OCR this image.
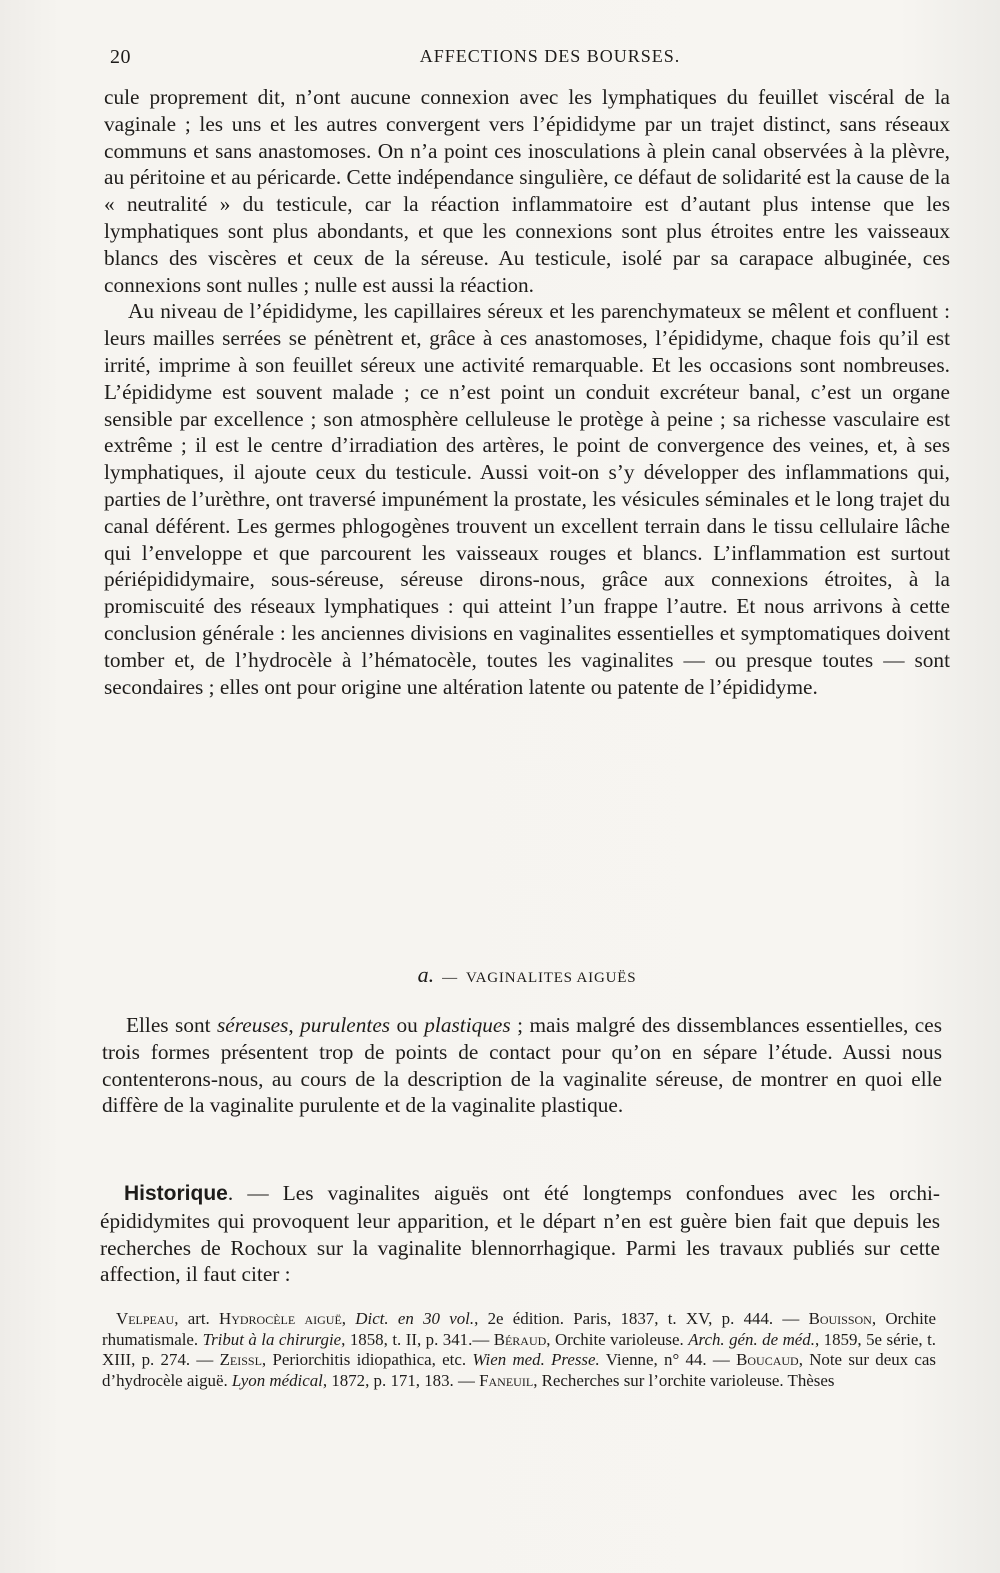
20	AFFECTIONS DES BOURSES.

cule proprement dit, n’ont aucune connexion avec les lymphatiques du feuillet viscéral de la vaginale ; les uns et les autres convergent vers l’épididyme par un trajet distinct, sans réseaux communs et sans anastomoses. On n’a point ces inosculations à plein canal observées à la plèvre, au péritoine et au péricarde. Cette indépendance singulière, ce défaut de solidarité est la cause de la « neutralité » du testicule, car la réaction inflammatoire est d’autant plus intense que les lymphatiques sont plus abondants, et que les connexions sont plus étroites entre les vaisseaux blancs des viscères et ceux de la séreuse. Au testicule, isolé par sa carapace albuginée, ces connexions sont nulles ; nulle est aussi la réaction.

Au niveau de l’épididyme, les capillaires séreux et les parenchymateux se mêlent et confluent : leurs mailles serrées se pénètrent et, grâce à ces anastomoses, l’épididyme, chaque fois qu’il est irrité, imprime à son feuillet séreux une activité remarquable. Et les occasions sont nombreuses. L’épididyme est souvent malade ; ce n’est point un conduit excréteur banal, c’est un organe sensible par excellence ; son atmosphère celluleuse le protège à peine ; sa richesse vasculaire est extrême ; il est le centre d’irradiation des artères, le point de convergence des veines, et, à ses lymphatiques, il ajoute ceux du testicule. Aussi voit-on s’y développer des inflammations qui, parties de l’urèthre, ont traversé impunément la prostate, les vésicules séminales et le long trajet du canal déférent. Les germes phlogogènes trouvent un excellent terrain dans le tissu cellulaire lâche qui l’enveloppe et que parcourent les vaisseaux rouges et blancs. L’inflammation est surtout périépididymaire, sous-séreuse, séreuse dirons-nous, grâce aux connexions étroites, à la promiscuité des réseaux lymphatiques : qui atteint l’un frappe l’autre. Et nous arrivons à cette conclusion générale : les anciennes divisions en vaginalites essentielles et symptomatiques doivent tomber et, de l’hydrocèle à l’hématocèle, toutes les vaginalites — ou presque toutes — sont secondaires ; elles ont pour origine une altération latente ou patente de l’épididyme.

a. — VAGINALITES AIGUËS

Elles sont séreuses, purulentes ou plastiques ; mais malgré des dissemblances essentielles, ces trois formes présentent trop de points de contact pour qu’on en sépare l’étude. Aussi nous contenterons-nous, au cours de la description de la vaginalite séreuse, de montrer en quoi elle diffère de la vaginalite purulente et de la vaginalite plastique.

Historique. — Les vaginalites aiguës ont été longtemps confondues avec les orchi-épididymites qui provoquent leur apparition, et le départ n’en est guère bien fait que depuis les recherches de Rochoux sur la vaginalite blennorrhagique. Parmi les travaux publiés sur cette affection, il faut citer :

Velpeau, art. Hydrocèle aiguë, Dict. en 30 vol., 2e édition. Paris, 1837, t. XV, p. 444. — Bouisson, Orchite rhumatismale. Tribut à la chirurgie, 1858, t. II, p. 341.— Béraud, Orchite varioleuse. Arch. gén. de méd., 1859, 5e série, t. XIII, p. 274. — Zeissl, Periorchitis idiopathica, etc. Wien med. Presse. Vienne, n° 44. — Boucaud, Note sur deux cas d’hydrocèle aiguë. Lyon médical, 1872, p. 171, 183. — Faneuil, Recherches sur l’orchite varioleuse. Thèses
